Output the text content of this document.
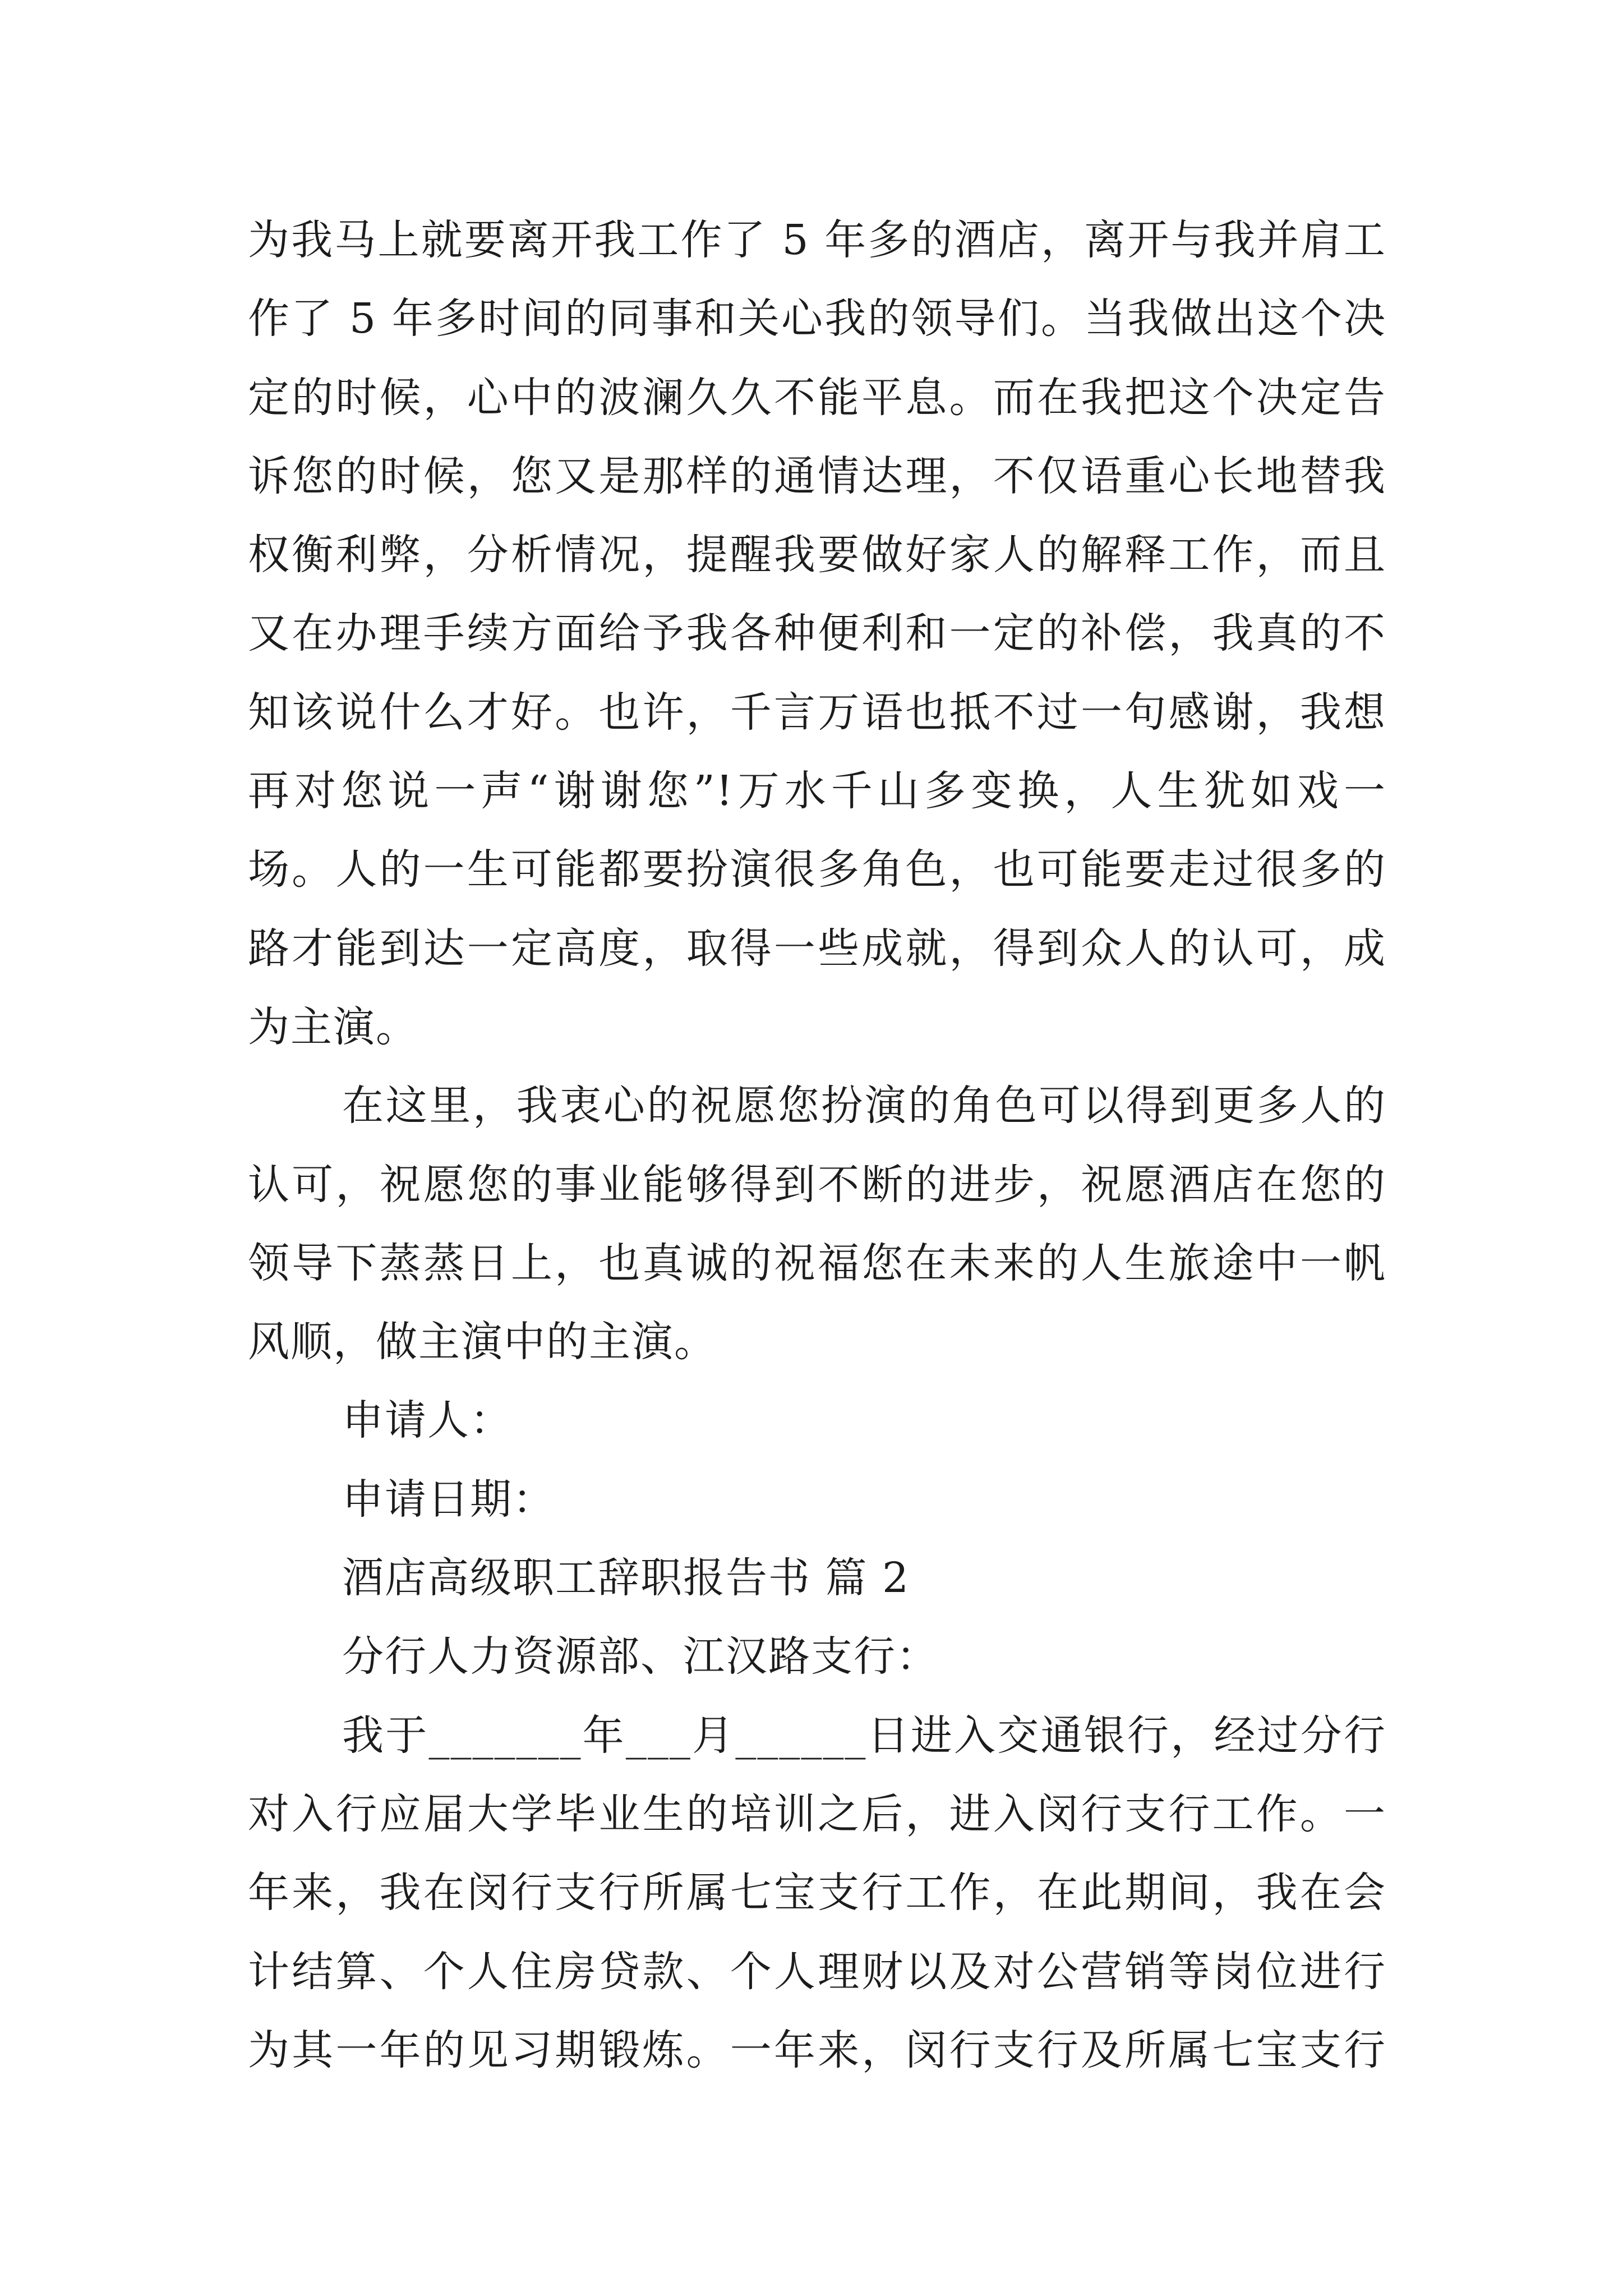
为我马上就要离开我工作了 5 年多的酒店，离开与我并肩工
作了 5 年多时间的同事和关心我的领导们。当我做出这个决
定的时候，心中的波澜久久不能平息。而在我把这个决定告
诉您的时候，您又是那样的通情达理，不仅语重心长地替我
权衡利弊，分析情况，提醒我要做好家人的解释工作，而且
又在办理手续方面给予我各种便利和一定的补偿，我真的不
知该说什么才好。也许，千言万语也抵不过一句感谢，我想
再对您说一声“谢谢您”!万水千山多变换，人生犹如戏一
场。人的一生可能都要扮演很多角色，也可能要走过很多的
路才能到达一定高度，取得一些成就，得到众人的认可，成
为主演。
在这里，我衷心的祝愿您扮演的角色可以得到更多人的
认可，祝愿您的事业能够得到不断的进步，祝愿酒店在您的
领导下蒸蒸日上，也真诚的祝福您在未来的人生旅途中一帆
风顺，做主演中的主演。
申请人：
申请日期：
酒店高级职工辞职报告书 篇 2
分行人力资源部、江汉路支行：
我于_______年___月______日进入交通银行，经过分行
对入行应届大学毕业生的培训之后，进入闵行支行工作。一
年来，我在闵行支行所属七宝支行工作，在此期间，我在会
计结算、个人住房贷款、个人理财以及对公营销等岗位进行
为其一年的见习期锻炼。一年来，闵行支行及所属七宝支行
